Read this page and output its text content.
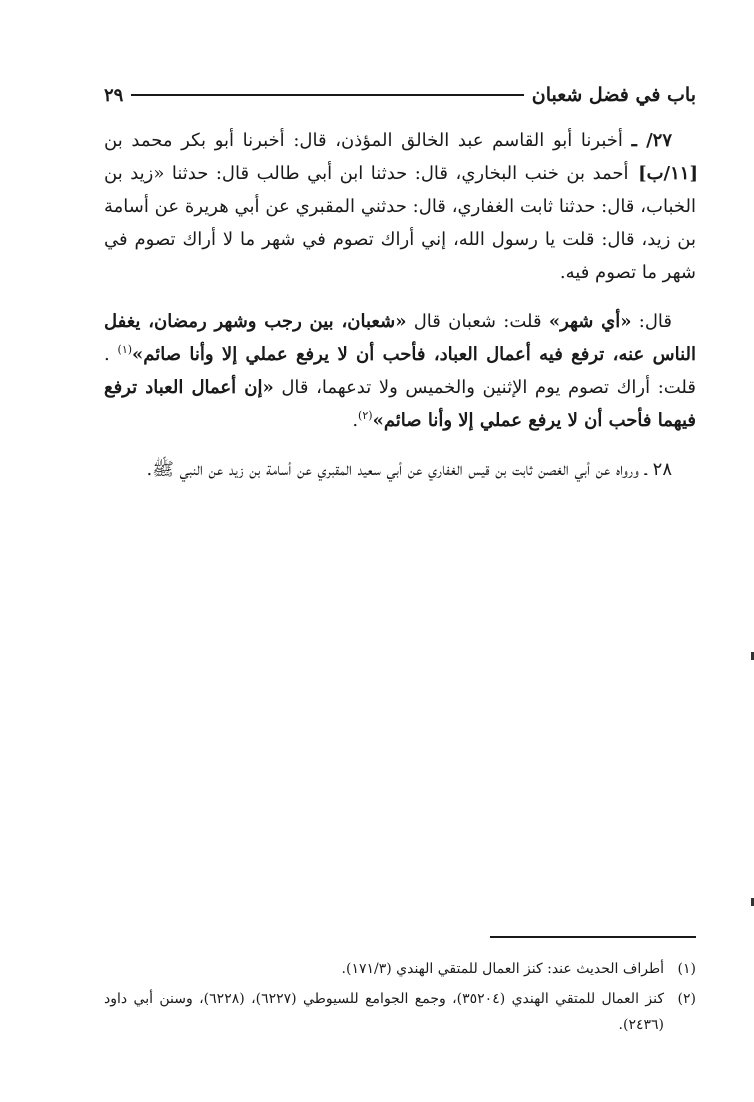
باب في فضل شعبان
٢٩

٢٧/ ـ أخبرنا أبو القاسم عبد الخالق المؤذن، قال: أخبرنا أبو بكر محمد بن [١١/ب] أحمد بن خنب البخاري، قال: حدثنا ابن أبي طالب قال: حدثنا «زيد بن الخباب، قال: حدثنا ثابت الغفاري، قال: حدثني المقبري عن أبي هريرة عن أسامة بن زيد، قال: قلت يا رسول الله، إني أراك تصوم في شهر ما لا أراك تصوم في شهر ما تصوم فيه.

قال: «أي شهر» قلت: شعبان قال «شعبان، بين رجب وشهر رمضان، يغفل الناس عنه، ترفع فيه أعمال العباد، فأحب أن لا يرفع عملي إلا وأنا صائم»$^{(١)}$ . قلت: أراك تصوم يوم الإثنين والخميس ولا تدعهما، قال «إن أعمال العباد ترفع فيهما فأحب أن لا يرفع عملي إلا وأنا صائم»$^{(٢)}$.

٢٨ ـ ورواه عن أبي الغصن ثابت بن قيس الغفاري عن أبي سعيد المقبري عن أسامة بن زيد عن النبي ﷺ.

(١)
أطراف الحديث عند: كنز العمال للمتقي الهندي (١٧١/٣).
(٢)
كنز العمال للمتقي الهندي (٣٥٢٠٤)، وجمع الجوامع للسيوطي (٦٢٢٧)، (٦٢٢٨)، وسنن أبي داود (٢٤٣٦).
